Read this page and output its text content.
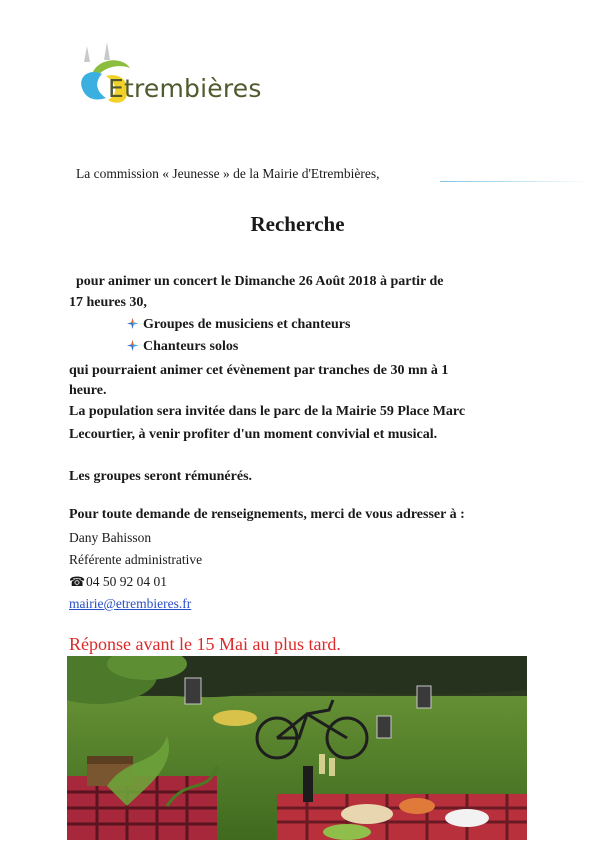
Etrembières
La commission « Jeunesse » de la Mairie d'Etrembières,
Recherche
pour animer un concert le Dimanche 26 Août 2018 à partir de
17 heures 30,
Groupes de musiciens et chanteurs
Chanteurs solos
qui pourraient animer cet évènement par tranches de 30 mn à 1
heure.
La population sera invitée dans le parc de la Mairie 59 Place Marc
Lecourtier, à venir profiter d'un moment convivial et musical.
Les groupes seront rémunérés.
Pour toute demande de renseignements, merci de vous adresser à :
Dany Bahisson
Référente administrative
☎04 50 92 04 01
mairie@etrembieres.fr
Réponse avant le 15 Mai au plus tard.
